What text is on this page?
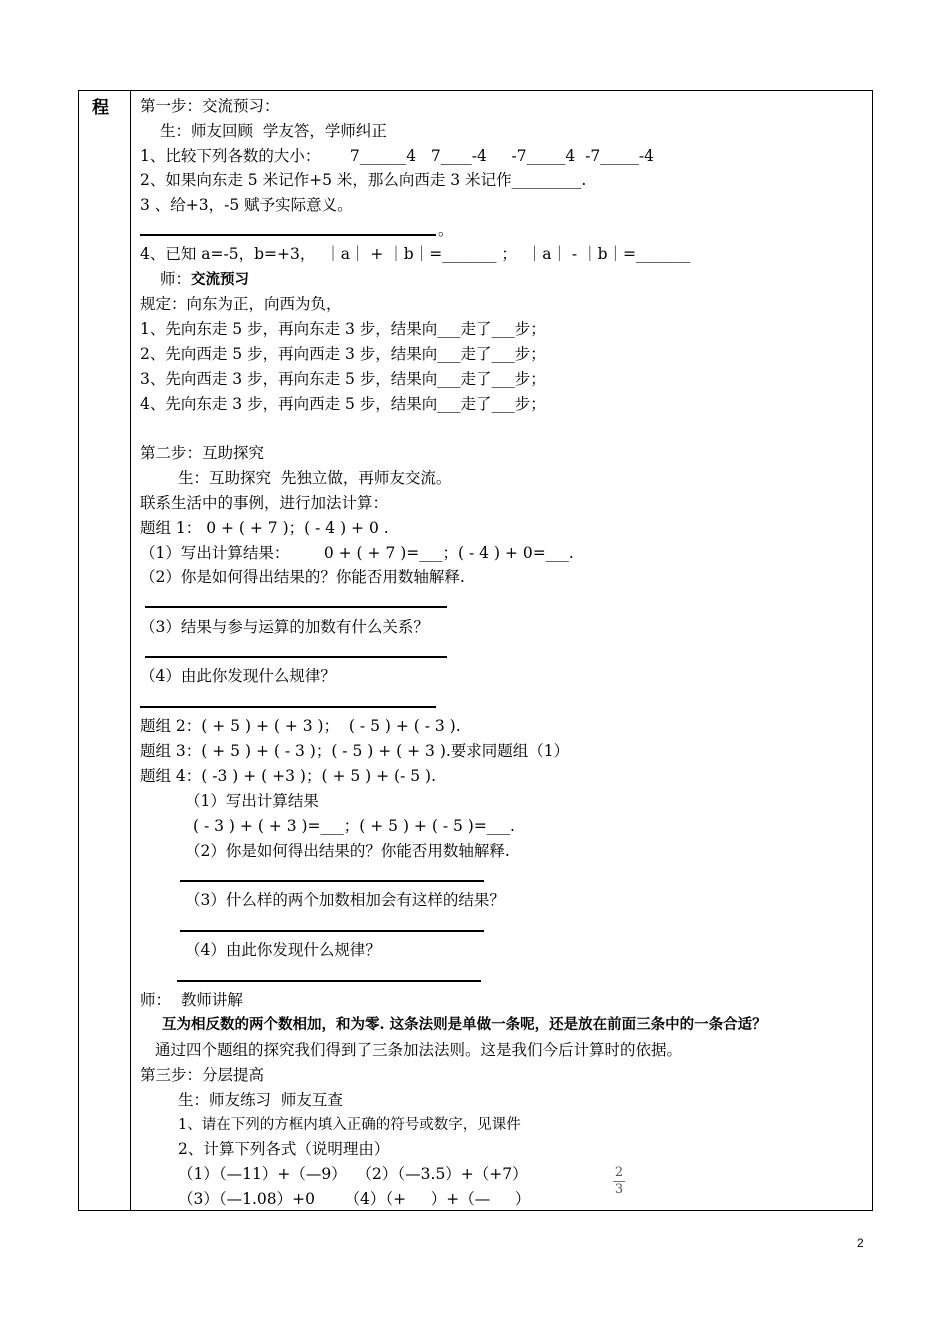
程 第一步：交流预习：
生：师友回顾  学友答，学师纠正
1、比较下列各数的大小：      7______4   7____-4     -7_____4  -7_____-4
2、如果向东走 5 米记作+5 米，那么向西走 3 米记作_________.
3 、给+3，-5 赋予实际意义。
。
4、已知 a=-5，b=+3，  ｜a｜ + ｜b｜=_______ ；  ｜a｜ - ｜b｜=_______
师：交流预习
规定：向东为正，向西为负，
1、先向东走 5 步，再向东走 3 步，结果向___走了___步；
2、先向西走 5 步，再向西走 3 步，结果向___走了___步；
3、先向西走 3 步，再向东走 5 步，结果向___走了___步；
4、先向东走 3 步，再向西走 5 步，结果向___走了___步；
第二步：互助探究
生：互助探究  先独立做，再师友交流。
联系生活中的事例，进行加法计算：
题组 1： 0 + ( + 7 )；( - 4 ) + 0 .
（1）写出计算结果：       0 + ( + 7 )=___；( - 4 ) + 0=___.
（2）你是如何得出结果的？你能否用数轴解释.
（3）结果与参与运算的加数有什么关系？
（4）由此你发现什么规律？
题组 2：( + 5 ) + ( + 3 )；  ( - 5 ) + ( - 3 ).
题组 3：( + 5 ) + ( - 3 )；( - 5 ) + ( + 3 ).要求同题组（1）
题组 4：( -3 ) + ( +3 )；( + 5 ) + (- 5 ).
（1）写出计算结果
( - 3 ) + ( + 3 )=___；( + 5 ) + ( - 5 )=___.
（2）你是如何得出结果的？你能否用数轴解释.
（3）什么样的两个加数相加会有这样的结果？
（4）由此你发现什么规律？
师：  教师讲解
互为相反数的两个数相加，和为零. 这条法则是单做一条呢，还是放在前面三条中的一条合适？
通过四个题组的探究我们得到了三条加法法则。这是我们今后计算时的依据。
第三步：分层提高
生：师友练习  师友互查
1、请在下列的方框内填入正确的符号或数字，见课件
2、计算下列各式（说明理由）
（1）（—11）+（—9）  （2）（—3.5）+（+7）
（3）（—1.08）+0      （4）（+     ）+（—     ）
2
3
2
